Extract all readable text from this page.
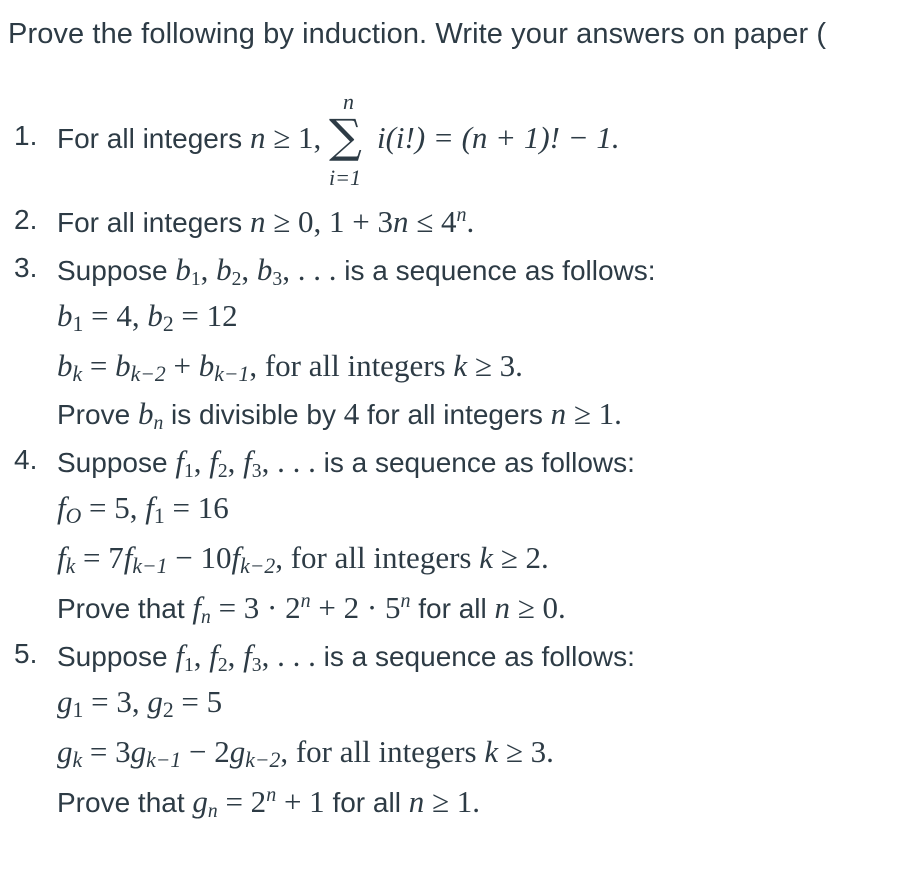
Prove the following by induction. Write your answers on paper (
1. For all integers n ≥ 1,
n
∑
i=1
i(i!) = (n + 1)! − 1.
2. For all integers n ≥ 0, $1 + 3n \le 4^n$.
3. Suppose $b_1$, $b_2$, $b_3$, . . . is a sequence as follows:
$b_1 = 4$, $b_2 = 12$
$b_k = b_{k-2} + b_{k-1}$, for all integers k ≥ 3.
Prove $b_n$ is divisible by 4 for all integers n ≥ 1.
4. Suppose $f_1$, $f_2$, $f_3$, . . . is a sequence as follows:
$f_O = 5$, $f_1 = 16$
$f_k = 7f_{k-1} - 10f_{k-2}$, for all integers k ≥ 2.
Prove that $f_n = 3 \cdot 2^n + 2 \cdot 5^n$ for all n ≥ 0.
5. Suppose $f_1$, $f_2$, $f_3$, . . . is a sequence as follows:
$g_1 = 3$, $g_2 = 5$
$g_k = 3g_{k-1} - 2g_{k-2}$, for all integers k ≥ 3.
Prove that $g_n = 2^n + 1$ for all n ≥ 1.
